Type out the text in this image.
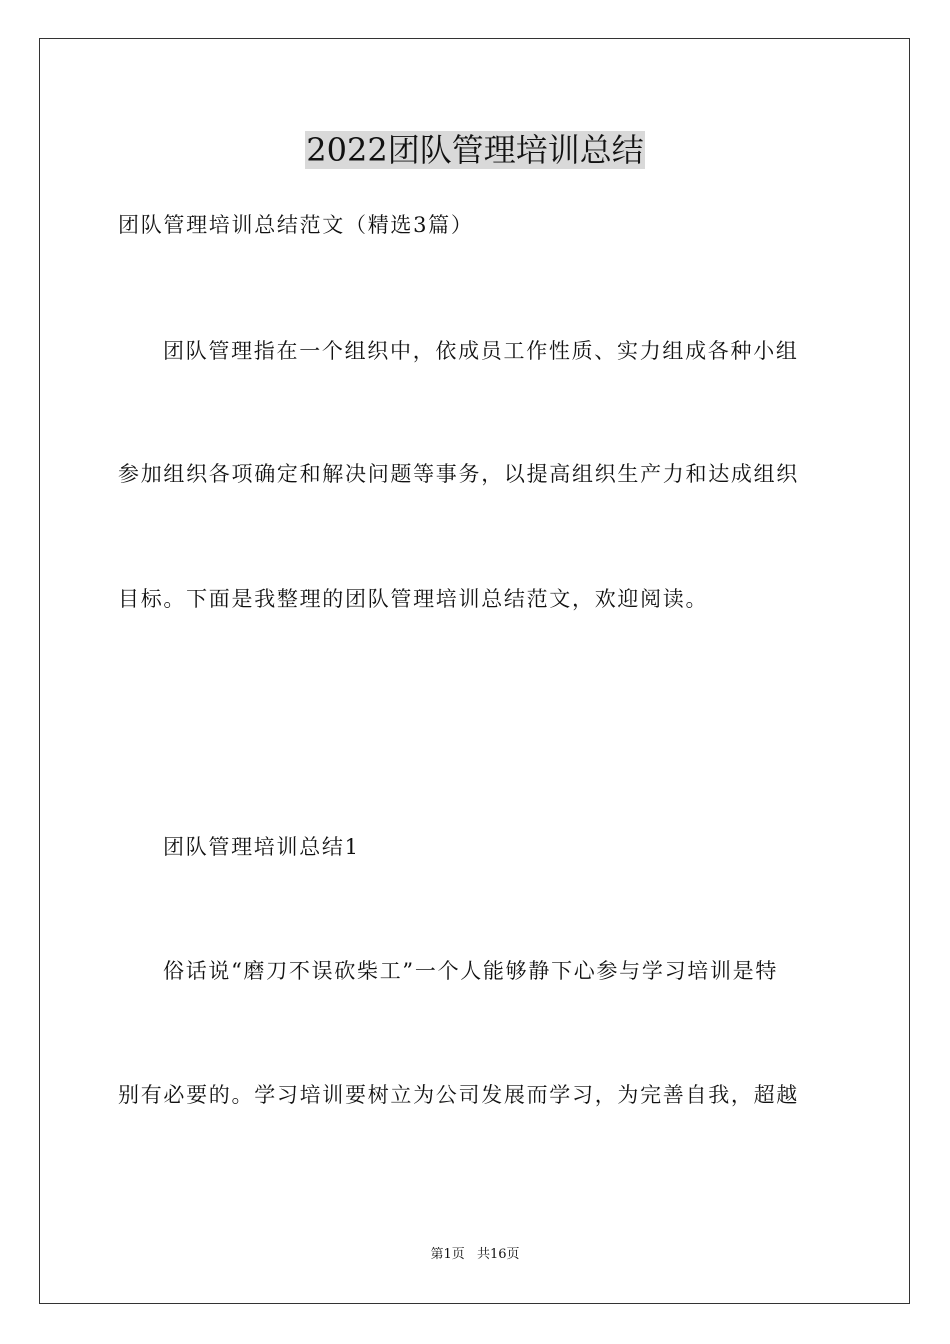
2022团队管理培训总结

团队管理培训总结范文（精选3篇）

团队管理指在一个组织中，依成员工作性质、实力组成各种小组

参加组织各项确定和解决问题等事务，以提高组织生产力和达成组织

目标。下面是我整理的团队管理培训总结范文，欢迎阅读。

团队管理培训总结1

俗话说“磨刀不误砍柴工”一个人能够静下心参与学习培训是特

别有必要的。学习培训要树立为公司发展而学习，为完善自我，超越

第1页 共16页
